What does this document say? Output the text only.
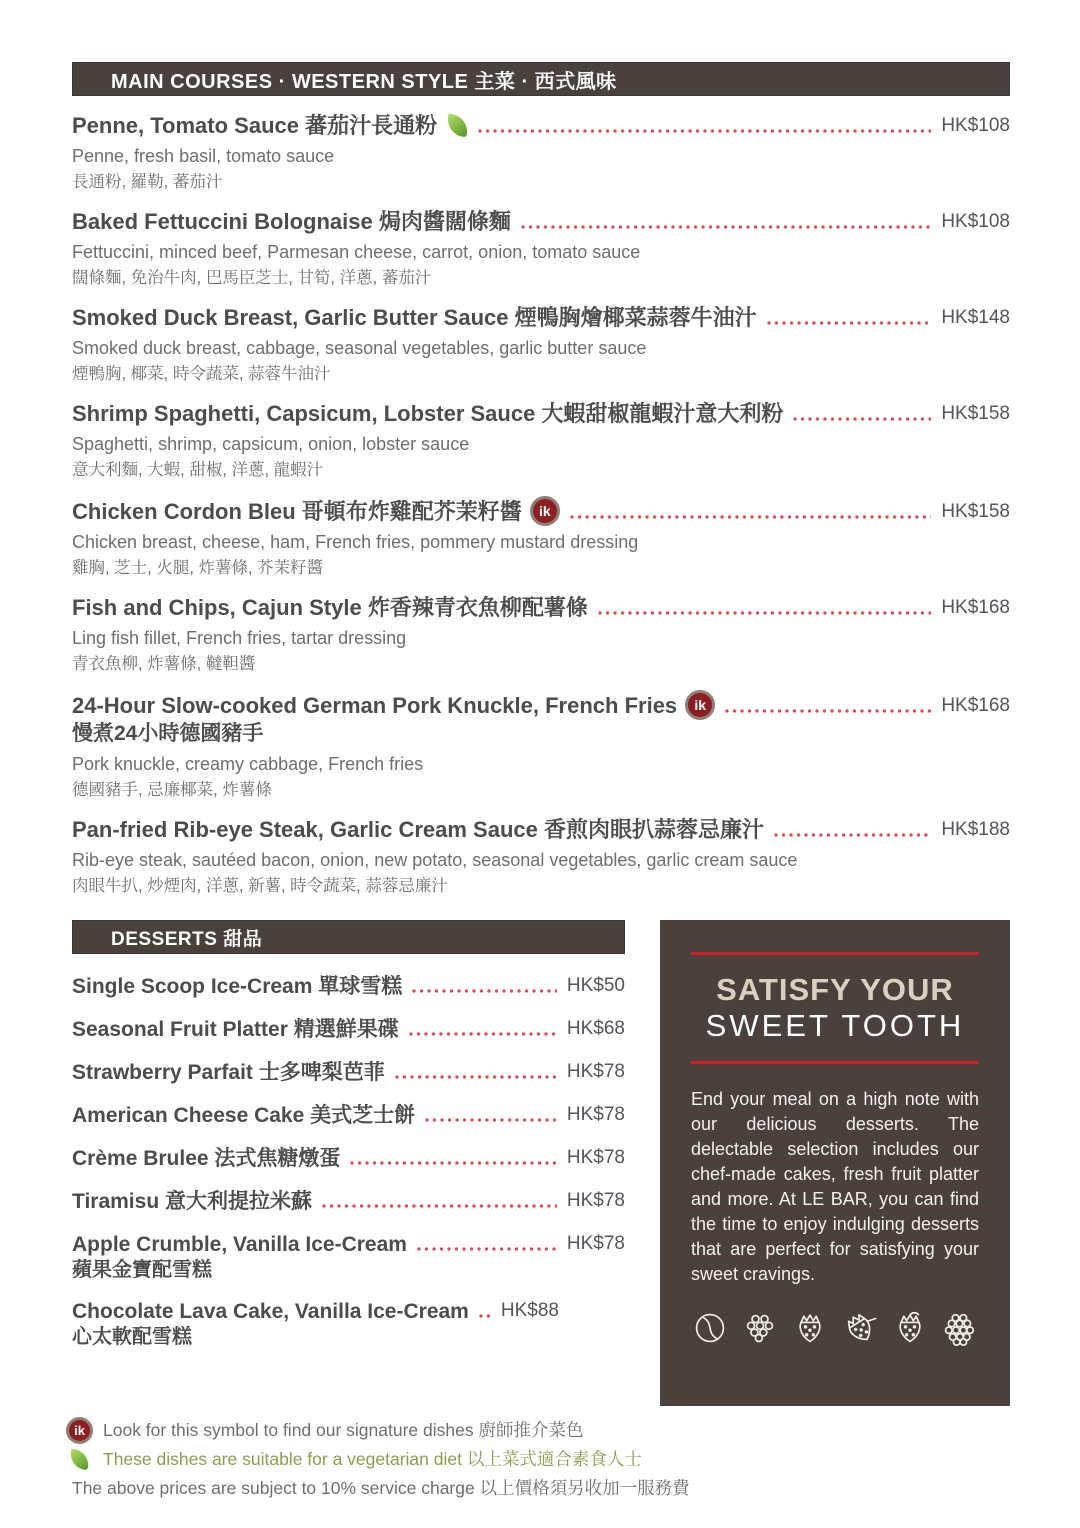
MAIN COURSES · WESTERN STYLE 主菜 · 西式風味
Penne, Tomato Sauce 蕃茄汁長通粉	HK$108
Penne, fresh basil, tomato sauce
長通粉, 羅勒, 蕃茄汁
Baked Fettuccini Bolognaise 焗肉醬闊條麵	HK$108
Fettuccini, minced beef, Parmesan cheese, carrot, onion, tomato sauce
闊條麵, 免治牛肉, 巴馬臣芝士, 甘筍, 洋蔥, 蕃茄汁
Smoked Duck Breast, Garlic Butter Sauce 煙鴨胸燴椰菜蒜蓉牛油汁	HK$148
Smoked duck breast, cabbage, seasonal vegetables, garlic butter sauce
煙鴨胸, 椰菜, 時令蔬菜, 蒜蓉牛油汁
Shrimp Spaghetti, Capsicum, Lobster Sauce 大蝦甜椒龍蝦汁意大利粉	HK$158
Spaghetti, shrimp, capsicum, onion, lobster sauce
意大利麵, 大蝦, 甜椒, 洋蔥, 龍蝦汁
Chicken Cordon Bleu 哥頓布炸雞配芥茉籽醬	ik	HK$158
Chicken breast, cheese, ham, French fries, pommery mustard dressing
雞胸, 芝士, 火腿, 炸薯條, 芥茉籽醬
Fish and Chips, Cajun Style 炸香辣青衣魚柳配薯條	HK$168
Ling fish fillet, French fries, tartar dressing
青衣魚柳, 炸薯條, 韃靼醬
24-Hour Slow-cooked German Pork Knuckle, French Fries	ik	HK$168
慢煮24小時德國豬手
Pork knuckle, creamy cabbage, French fries
德國豬手, 忌廉椰菜, 炸薯條
Pan-fried Rib-eye Steak, Garlic Cream Sauce 香煎肉眼扒蒜蓉忌廉汁	HK$188
Rib-eye steak, sautéed bacon, onion, new potato, seasonal vegetables, garlic cream sauce
肉眼牛扒, 炒煙肉, 洋蔥, 新薯, 時令蔬菜, 蒜蓉忌廉汁
DESSERTS 甜品
Single Scoop Ice-Cream 單球雪糕	HK$50
Seasonal Fruit Platter 精選鮮果碟	HK$68
Strawberry Parfait 士多啤梨芭菲	HK$78
American Cheese Cake 美式芝士餅	HK$78
Crème Brulee 法式焦糖燉蛋	HK$78
Tiramisu 意大利提拉米蘇	HK$78
Apple Crumble, Vanilla Ice-Cream	HK$78
蘋果金寶配雪糕
Chocolate Lava Cake, Vanilla Ice-Cream HK$88
心太軟配雪糕
SATISFY YOUR
SWEET TOOTH
End your meal on a high note with our delicious desserts. The delectable selection includes our chef-made cakes, fresh fruit platter and more. At LE BAR, you can find the time to enjoy indulging desserts that are perfect for satisfying your sweet cravings.
ik	Look for this symbol to find our signature dishes 廚師推介菜色
These dishes are suitable for a vegetarian diet 以上菜式適合素食人士
The above prices are subject to 10% service charge 以上價格須另收加一服務費
